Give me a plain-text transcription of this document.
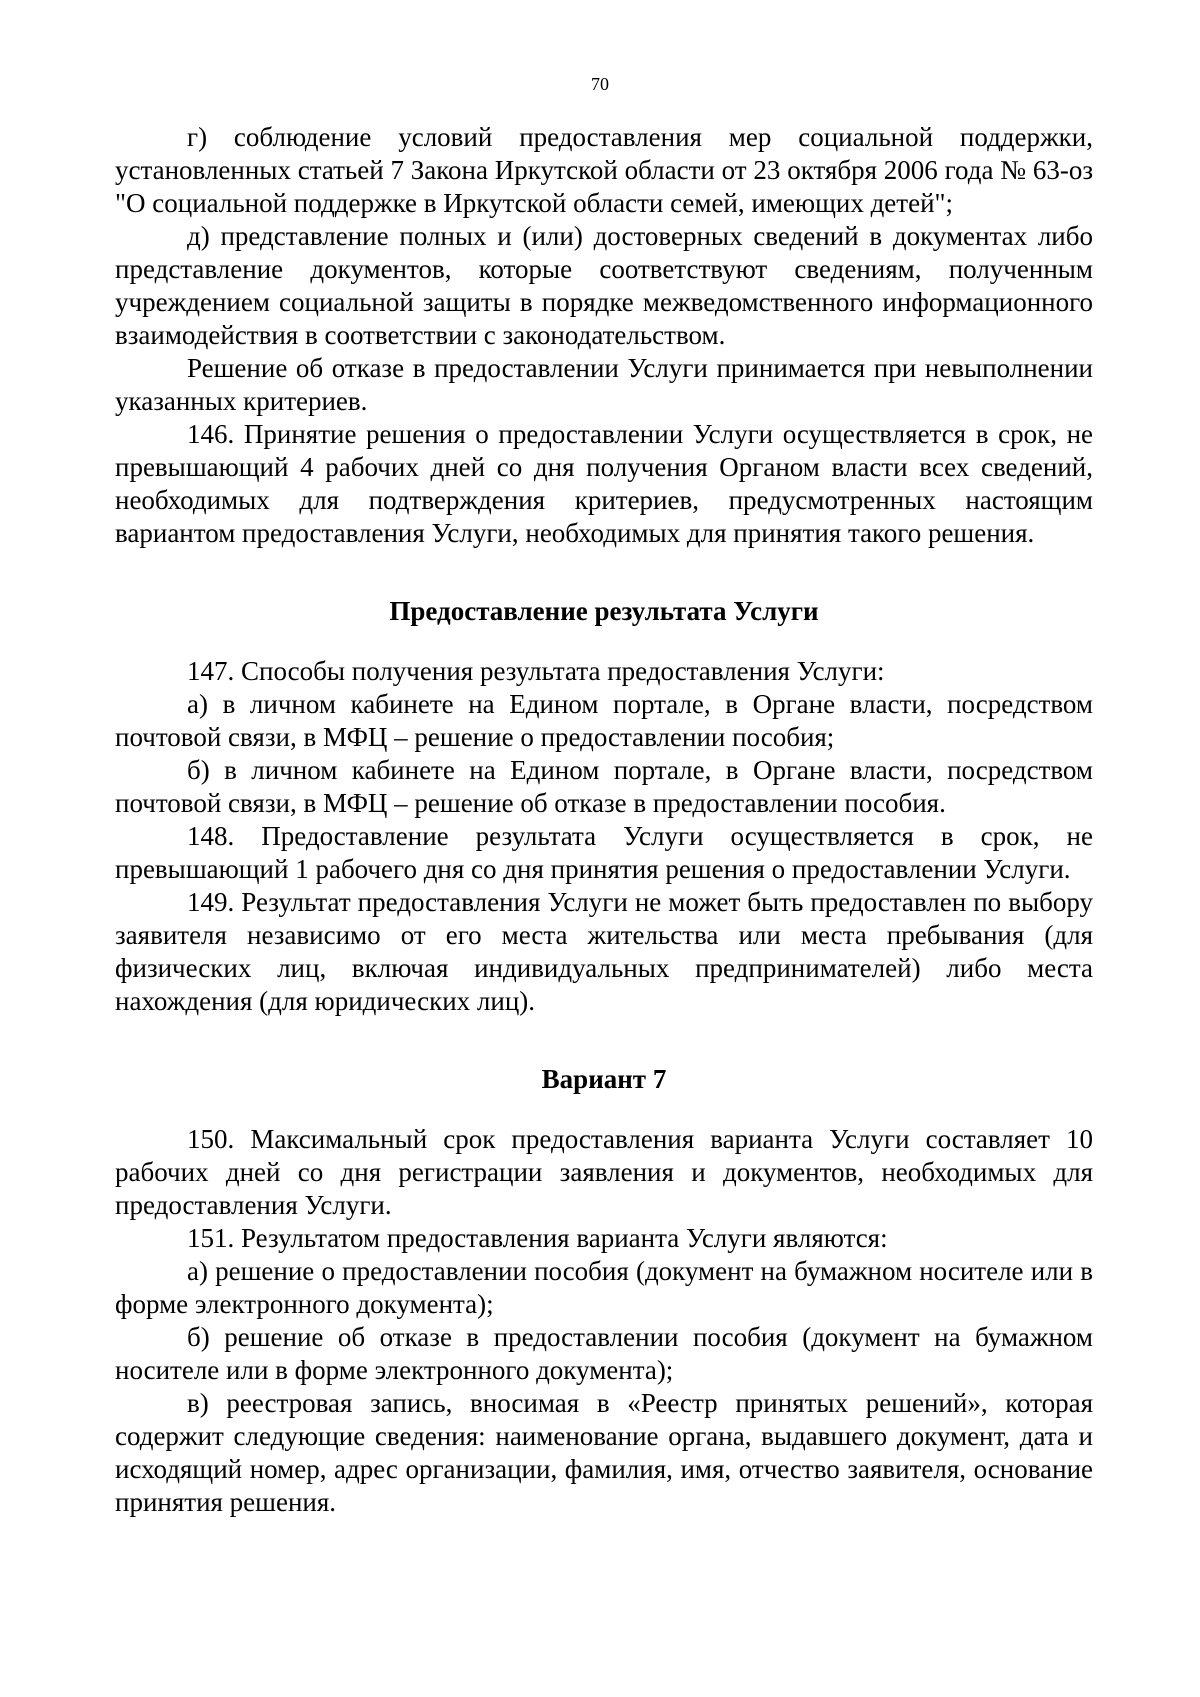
70

г) соблюдение условий предоставления мер социальной поддержки, установленных статьей 7 Закона Иркутской области от 23 октября 2006 года № 63-оз "О социальной поддержке в Иркутской области семей, имеющих детей";

д) представление полных и (или) достоверных сведений в документах либо представление документов, которые соответствуют сведениям, полученным учреждением социальной защиты в порядке межведомственного информационного взаимодействия в соответствии с законодательством.

Решение об отказе в предоставлении Услуги принимается при невыполнении указанных критериев.

146. Принятие решения о предоставлении Услуги осуществляется в срок, не превышающий 4 рабочих дней со дня получения Органом власти всех сведений, необходимых для подтверждения критериев, предусмотренных настоящим вариантом предоставления Услуги, необходимых для принятия такого решения.

Предоставление результата Услуги

147. Способы получения результата предоставления Услуги:

а) в личном кабинете на Едином портале, в Органе власти, посредством почтовой связи, в МФЦ – решение о предоставлении пособия;

б) в личном кабинете на Едином портале, в Органе власти, посредством почтовой связи, в МФЦ – решение об отказе в предоставлении пособия.

148. Предоставление результата Услуги осуществляется в срок, не превышающий 1 рабочего дня со дня принятия решения о предоставлении Услуги.

149. Результат предоставления Услуги не может быть предоставлен по выбору заявителя независимо от его места жительства или места пребывания (для физических лиц, включая индивидуальных предпринимателей) либо места нахождения (для юридических лиц).

Вариант 7

150. Максимальный срок предоставления варианта Услуги составляет 10 рабочих дней со дня регистрации заявления и документов, необходимых для предоставления Услуги.

151. Результатом предоставления варианта Услуги являются:

а) решение о предоставлении пособия (документ на бумажном носителе или в форме электронного документа);

б) решение об отказе в предоставлении пособия (документ на бумажном носителе или в форме электронного документа);

в) реестровая запись, вносимая в «Реестр принятых решений», которая содержит следующие сведения: наименование органа, выдавшего документ, дата и исходящий номер, адрес организации, фамилия, имя, отчество заявителя, основание принятия решения.
